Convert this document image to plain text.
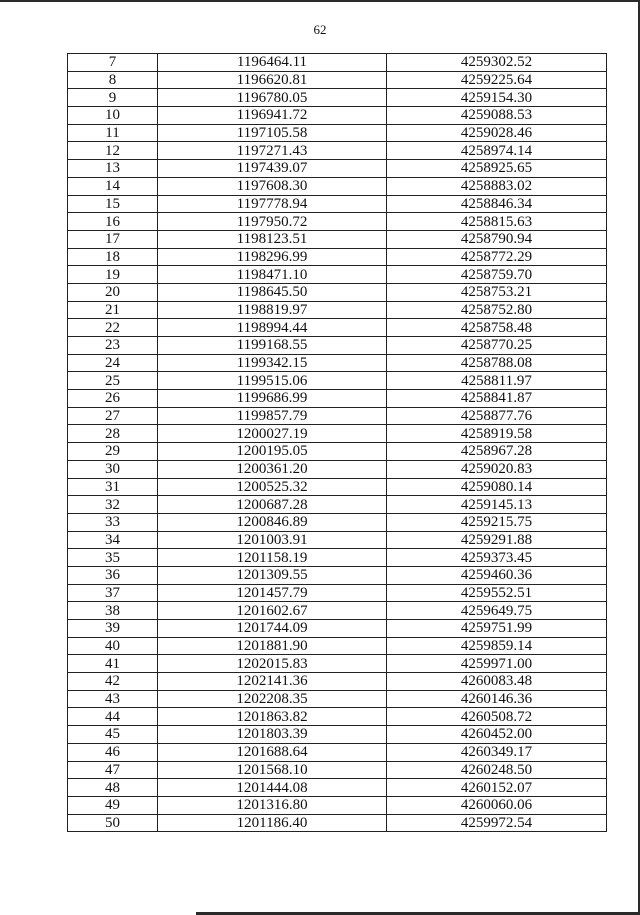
62
7	1196464.11	4259302.52
8	1196620.81	4259225.64
9	1196780.05	4259154.30
10	1196941.72	4259088.53
11	1197105.58	4259028.46
12	1197271.43	4258974.14
13	1197439.07	4258925.65
14	1197608.30	4258883.02
15	1197778.94	4258846.34
16	1197950.72	4258815.63
17	1198123.51	4258790.94
18	1198296.99	4258772.29
19	1198471.10	4258759.70
20	1198645.50	4258753.21
21	1198819.97	4258752.80
22	1198994.44	4258758.48
23	1199168.55	4258770.25
24	1199342.15	4258788.08
25	1199515.06	4258811.97
26	1199686.99	4258841.87
27	1199857.79	4258877.76
28	1200027.19	4258919.58
29	1200195.05	4258967.28
30	1200361.20	4259020.83
31	1200525.32	4259080.14
32	1200687.28	4259145.13
33	1200846.89	4259215.75
34	1201003.91	4259291.88
35	1201158.19	4259373.45
36	1201309.55	4259460.36
37	1201457.79	4259552.51
38	1201602.67	4259649.75
39	1201744.09	4259751.99
40	1201881.90	4259859.14
41	1202015.83	4259971.00
42	1202141.36	4260083.48
43	1202208.35	4260146.36
44	1201863.82	4260508.72
45	1201803.39	4260452.00
46	1201688.64	4260349.17
47	1201568.10	4260248.50
48	1201444.08	4260152.07
49	1201316.80	4260060.06
50	1201186.40	4259972.54
